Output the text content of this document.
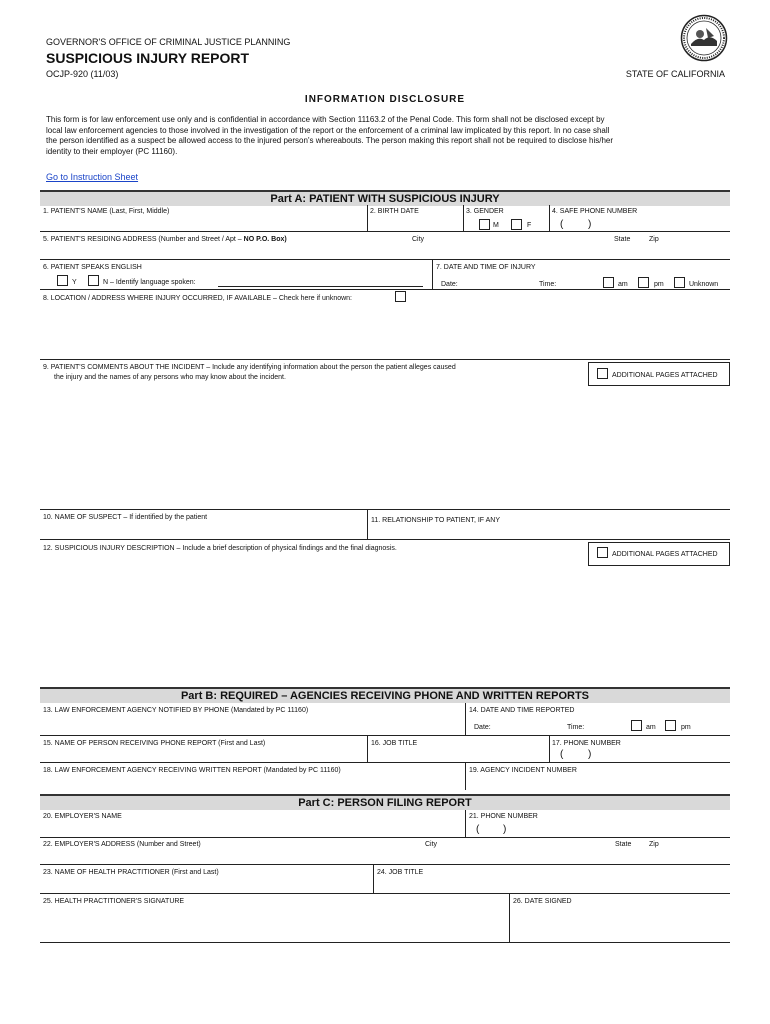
GOVERNOR'S OFFICE OF CRIMINAL JUSTICE PLANNING
SUSPICIOUS INJURY REPORT
OCJP-920 (11/03)	STATE OF CALIFORNIA
INFORMATION DISCLOSURE
This form is for law enforcement use only and is confidential in accordance with Section 11163.2 of the Penal Code. This form shall not be disclosed except by
local law enforcement agencies to those involved in the investigation of the report or the enforcement of a criminal law implicated by this report. In no case shall
the person identified as a suspect be allowed access to the injured person's whereabouts. The person making this report shall not be required to disclose his/her
identity to their employer (PC 11160).
Go to Instruction Sheet
Part A: PATIENT WITH SUSPICIOUS INJURY
1. PATIENT'S NAME (Last, First, Middle)	2. BIRTH DATE	3. GENDER
M	F
4. SAFE PHONE NUMBER
( )
5. PATIENT'S RESIDING ADDRESS (Number and Street / Apt – NO P.O. Box)	City	State	Zip
6. PATIENT SPEAKS ENGLISH
Y	N – Identify language spoken:
7. DATE AND TIME OF INJURY
Date:	Time:	am	pm	Unknown
8. LOCATION / ADDRESS WHERE INJURY OCCURRED, IF AVAILABLE – Check here if unknown:
9. PATIENT'S COMMENTS ABOUT THE INCIDENT – Include any identifying information about the person the patient alleges caused
the injury and the names of any persons who may know about the incident.	ADDITIONAL PAGES ATTACHED
10. NAME OF SUSPECT – If identified by the patient	11. RELATIONSHIP TO PATIENT, IF ANY
12. SUSPICIOUS INJURY DESCRIPTION – Include a brief description of physical findings and the final diagnosis.
ADDITIONAL PAGES ATTACHED
Part B: REQUIRED – AGENCIES RECEIVING PHONE AND WRITTEN REPORTS
13. LAW ENFORCEMENT AGENCY NOTIFIED BY PHONE (Mandated by PC 11160)	14. DATE AND TIME REPORTED
Date:	Time:	am	pm
15. NAME OF PERSON RECEIVING PHONE REPORT (First and Last)	16. JOB TITLE	17. PHONE NUMBER
( )
18. LAW ENFORCEMENT AGENCY RECEIVING WRITTEN REPORT (Mandated by PC 11160)	19. AGENCY INCIDENT NUMBER
Part C: PERSON FILING REPORT
20. EMPLOYER'S NAME	21. PHONE NUMBER
( )
22. EMPLOYER'S ADDRESS (Number and Street)	City	State	Zip
23. NAME OF HEALTH PRACTITIONER (First and Last)	24. JOB TITLE
25. HEALTH PRACTITIONER'S SIGNATURE	26. DATE SIGNED
